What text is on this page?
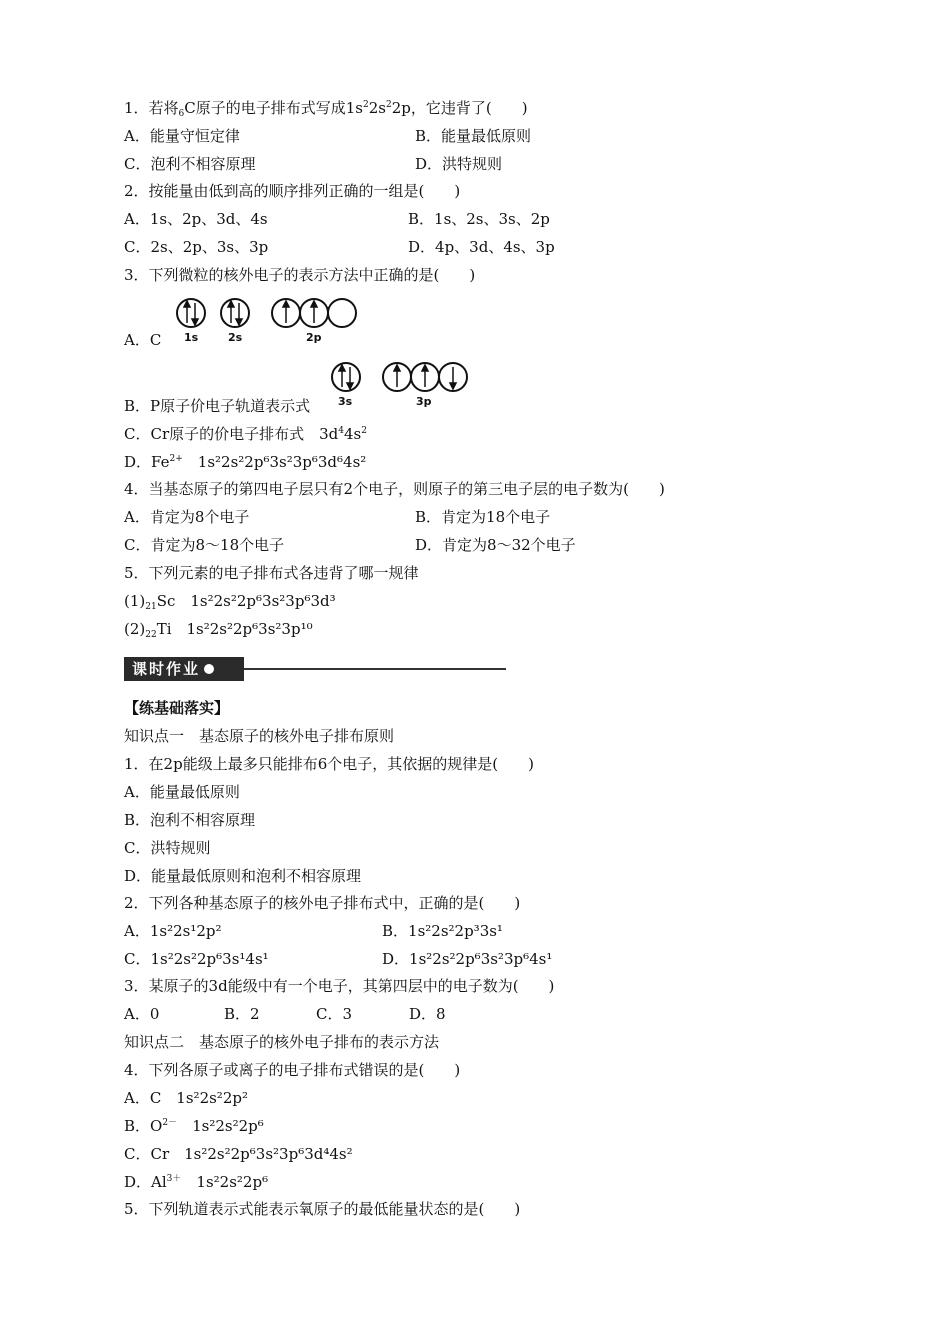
1．若将$_6$C原子的电子排布式写成$1s^22s^22p$，它违背了(　　)
A．能量守恒定律	B．能量最低原则
C．泡利不相容原理	D．洪特规则
2．按能量由低到高的顺序排列正确的一组是(　　)
A．1s、2p、3d、4s	B．1s、2s、3s、2p
C．2s、2p、3s、3p	D．4p、3d、4s、3p
3．下列微粒的核外电子的表示方法中正确的是(　　)
1s	2s	2p
A．C
3s	3p
B．P原子价电子轨道表示式
C．Cr原子的价电子排布式　$3d^44s^2$
D．$Fe^{2+}$　 1s²2s²2p⁶3s²3p⁶3d⁶4s²
4．当基态原子的第四电子层只有2个电子，则原子的第三电子层的电子数为(　　)
A．肯定为8个电子	B．肯定为18个电子
C．肯定为8～18个电子	D．肯定为8～32个电子
5．下列元素的电子排布式各违背了哪一规律
$(1)_{21}Sc$　1s²2s²2p⁶3s²3p⁶3d³
$(2)_{22}Ti$　1s²2s²2p⁶3s²3p¹⁰
课时作业
【练基础落实】
知识点一　基态原子的核外电子排布原则
1．在2p能级上最多只能排布6个电子，其依据的规律是(　　)
A．能量最低原则
B．泡利不相容原理
C．洪特规则
D．能量最低原则和泡利不相容原理
2．下列各种基态原子的核外电子排布式中，正确的是(　　)
A．1s²2s¹2p²	B．1s²2s²2p³3s¹
C．1s²2s²2p⁶3s¹4s¹	D．1s²2s²2p⁶3s²3p⁶4s¹
3．某原子的3d能级中有一个电子，其第四层中的电子数为(　　)
A．0	B．2	C．3	D．8
知识点二　基态原子的核外电子排布的表示方法
4．下列各原子或离子的电子排布式错误的是(　　)
A．C　1s²2s²2p²
B．$O^{2-}$　 1s²2s²2p⁶
C．Cr　1s²2s²2p⁶3s²3p⁶3d⁴4s²
D．$Al^{3+}$　 1s²2s²2p⁶
5．下列轨道表示式能表示氧原子的最低能量状态的是(　　)
